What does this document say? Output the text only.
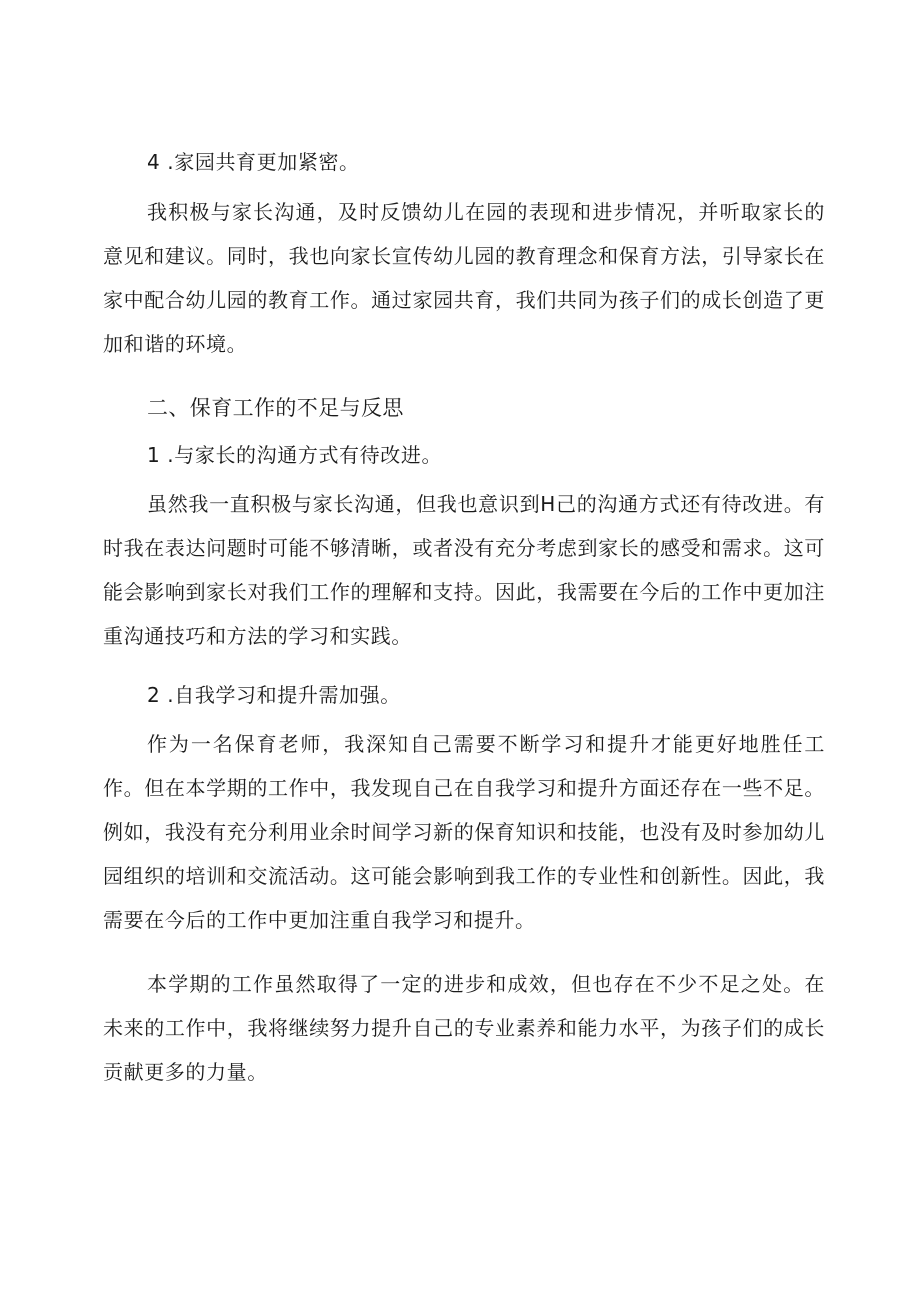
4 .家园共育更加紧密。

我积极与家长沟通，及时反馈幼儿在园的表现和进步情况，并听取家长的意见和建议。同时，我也向家长宣传幼儿园的教育理念和保育方法，引导家长在家中配合幼儿园的教育工作。通过家园共育，我们共同为孩子们的成长创造了更加和谐的环境。

二、保育工作的不足与反思

1 .与家长的沟通方式有待改进。

虽然我一直积极与家长沟通，但我也意识到H己的沟通方式还有待改进。有时我在表达问题时可能不够清晰，或者没有充分考虑到家长的感受和需求。这可能会影响到家长对我们工作的理解和支持。因此，我需要在今后的工作中更加注重沟通技巧和方法的学习和实践。

2 .自我学习和提升需加强。

作为一名保育老师，我深知自己需要不断学习和提升才能更好地胜任工作。但在本学期的工作中，我发现自己在自我学习和提升方面还存在一些不足。例如，我没有充分利用业余时间学习新的保育知识和技能，也没有及时参加幼儿园组织的培训和交流活动。这可能会影响到我工作的专业性和创新性。因此，我需要在今后的工作中更加注重自我学习和提升。

本学期的工作虽然取得了一定的进步和成效，但也存在不少不足之处。在未来的工作中，我将继续努力提升自己的专业素养和能力水平，为孩子们的成长贡献更多的力量。
